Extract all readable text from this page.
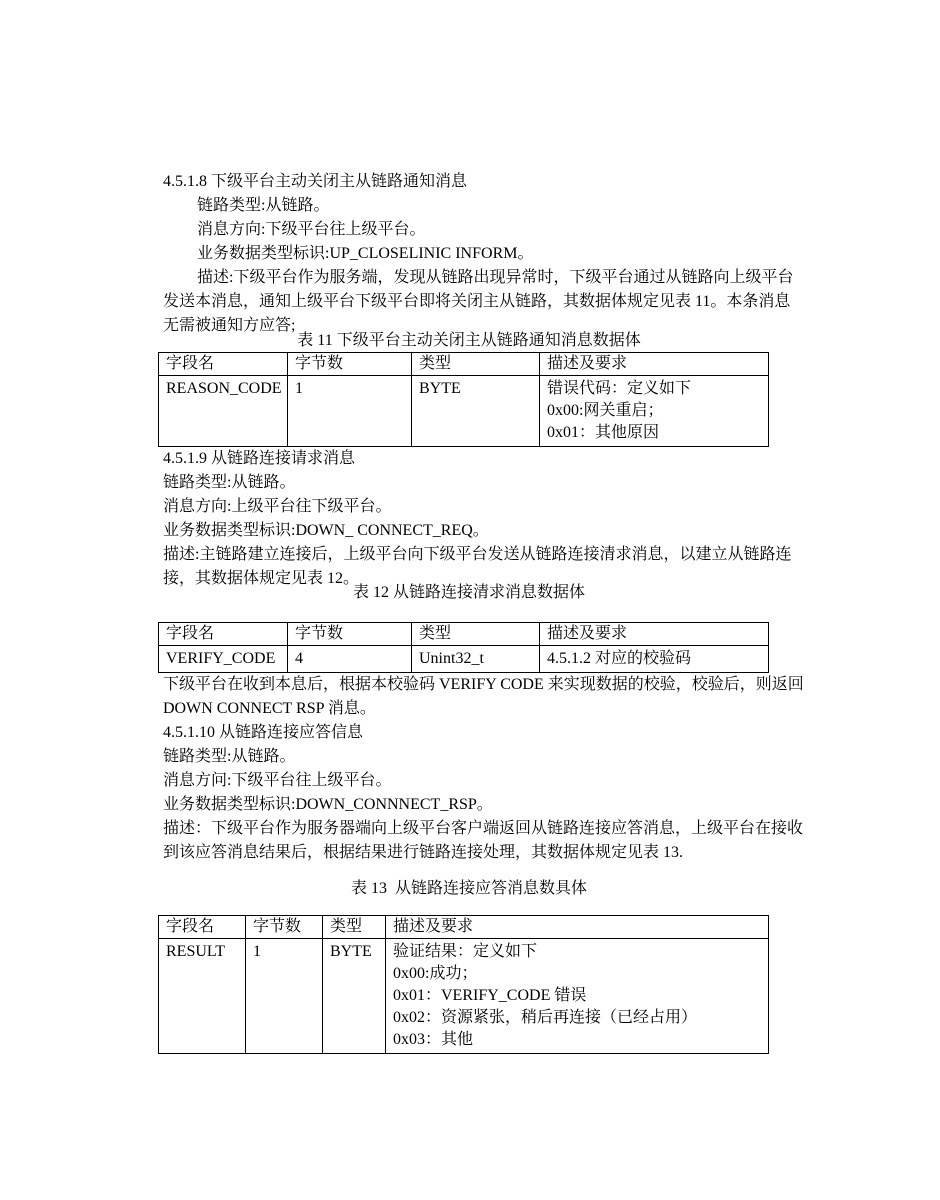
4.5.1.8 下级平台主动关闭主从链路通知消息
链路类型:从链路。
消息方向:下级平台往上级平台。
业务数据类型标识:UP_CLOSELINIC INFORM。
描述:下级平台作为服务端，发现从链路出现异常时，下级平台通过从链路向上级平台
发送本消息，通知上级平台下级平台即将关闭主从链路，其数据体规定见表 11。本条消息
无需被通知方应答;
表 11 下级平台主动关闭主从链路通知消息数据体
字段名	字节数	类型	描述及要求

REASON_CODE	1	BYTE	错误代码：定义如下
0x00:网关重启；
0x01：其他原因
4.5.1.9 从链路连接请求消息
链路类型:从链路。
消息方向:上级平台往下级平台。
业务数据类型标识:DOWN_ CONNECT_REQ。
描述:主链路建立连接后，上级平台向下级平台发送从链路连接清求消息，以建立从链路连
接，其数据体规定见表 12。
表 12 从链路连接清求消息数据体
字段名	字节数	类型	描述及要求

VERIFY_CODE	4	Unint32_t	4.5.1.2 对应的校验码
下级平台在收到本息后，根据本校验码 VERIFY CODE 来实现数据的校验，校验后，则返回
DOWN CONNECT RSP 消息。
4.5.1.10 从链路连接应答信息
链路类型:从链路。
消息方问:下级平台往上级平台。
业务数据类型标识:DOWN_CONNNECT_RSP。
描述：下级平台作为服务器端向上级平台客户端返回从链路连接应答消息，上级平台在接收
到该应答消息结果后，根据结果进行链路连接处理，其数据体规定见表 13.
表 13  从链路连接应答消息数具体
字段名	字节数	类型	描述及要求

RESULT	1	BYTE	验证结果：定义如下
0x00:成功；
0x01：VERIFY_CODE 错误
0x02：资源紧张，稍后再连接（已经占用）
0x03：其他
